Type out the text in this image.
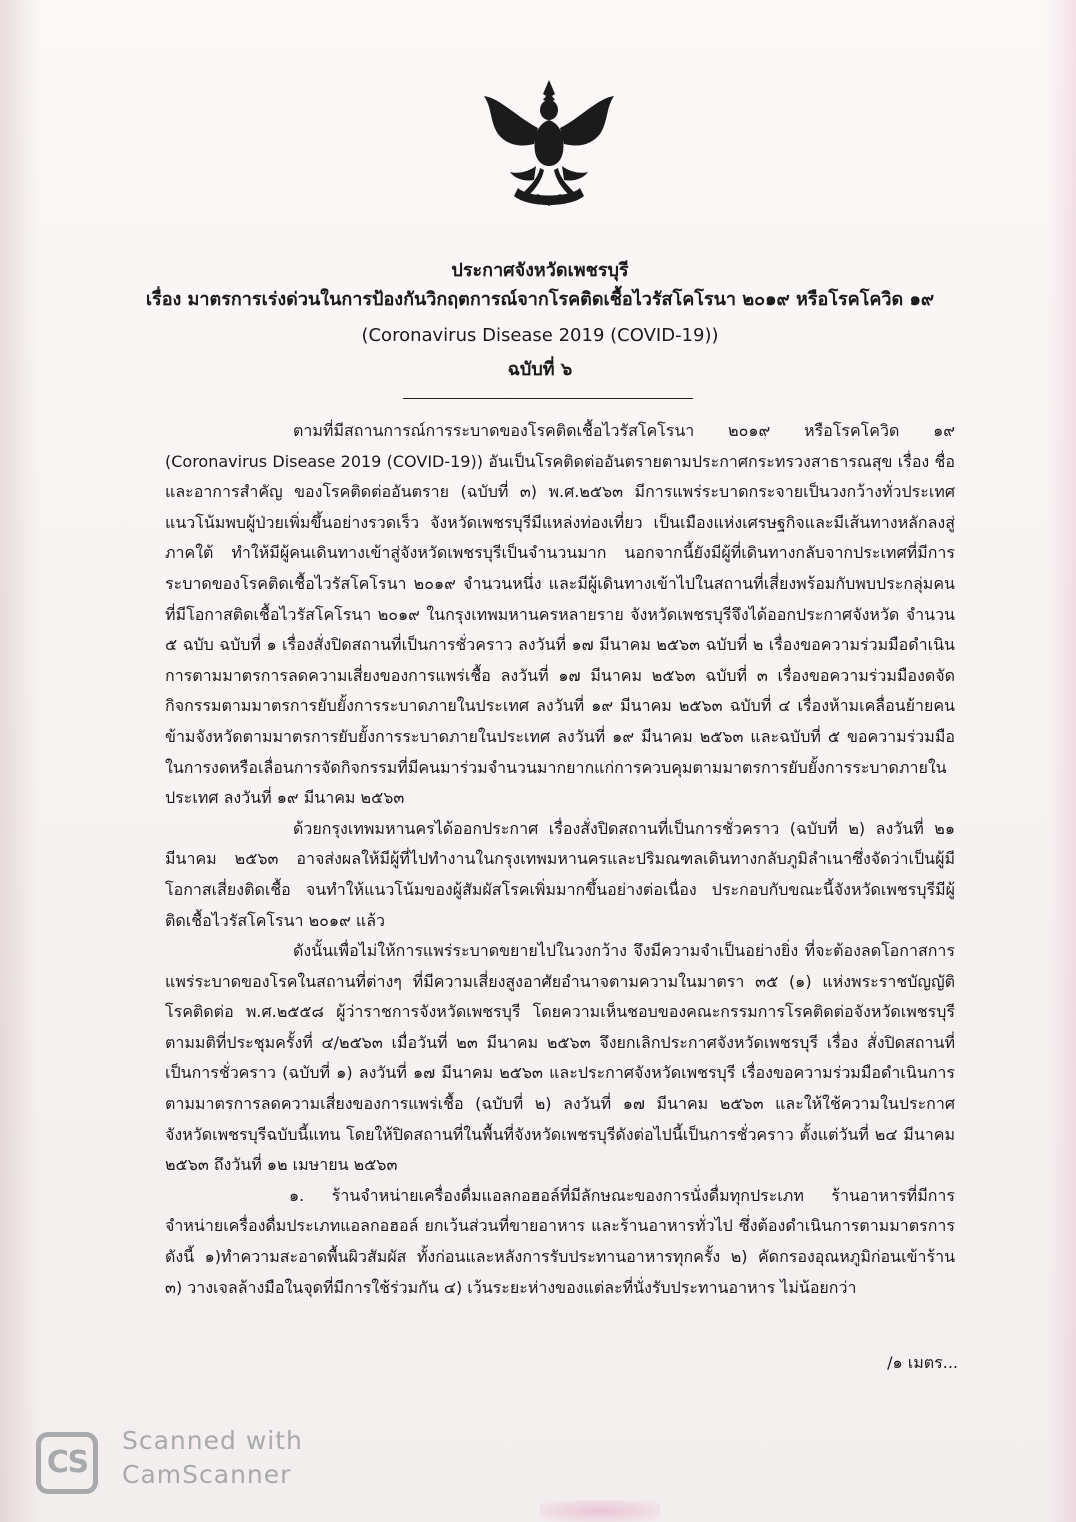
ประกาศจังหวัดเพชรบุรี
เรื่อง มาตรการเร่งด่วนในการป้องกันวิกฤตการณ์จากโรคติดเชื้อไวรัสโคโรนา ๒๐๑๙ หรือโรคโควิด ๑๙
(Coronavirus Disease 2019 (COVID-19))
ฉบับที่ ๖

ตามที่มีสถานการณ์การระบาดของโรคติดเชื้อไวรัสโคโรนา ๒๐๑๙ หรือโรคโควิด ๑๙ (Coronavirus Disease 2019 (COVID-19)) อันเป็นโรคติดต่ออันตรายตามประกาศกระทรวงสาธารณสุข เรื่อง ชื่อและอาการสำคัญ ของโรคติดต่ออันตราย (ฉบับที่ ๓) พ.ศ.๒๕๖๓ มีการแพร่ระบาดกระจายเป็นวงกว้างทั่วประเทศ แนวโน้มพบผู้ป่วยเพิ่มขึ้นอย่างรวดเร็ว จังหวัดเพชรบุรีมีแหล่งท่องเที่ยว เป็นเมืองแห่งเศรษฐกิจและมีเส้นทางหลักลงสู่ภาคใต้ ทำให้มีผู้คนเดินทางเข้าสู่จังหวัดเพชรบุรีเป็นจำนวนมาก นอกจากนี้ยังมีผู้ที่เดินทางกลับจากประเทศที่มีการระบาดของโรคติดเชื้อไวรัสโคโรนา ๒๐๑๙ จำนวนหนึ่ง และมีผู้เดินทางเข้าไปในสถานที่เสี่ยงพร้อมกับพบประกลุ่มคนที่มีโอกาสติดเชื้อไวรัสโคโรนา ๒๐๑๙ ในกรุงเทพมหานครหลายราย จังหวัดเพชรบุรีจึงได้ออกประกาศจังหวัด จำนวน ๕ ฉบับ ฉบับที่ ๑ เรื่องสั่งปิดสถานที่เป็นการชั่วคราว ลงวันที่ ๑๗ มีนาคม ๒๕๖๓ ฉบับที่ ๒ เรื่องขอความร่วมมือดำเนินการตามมาตรการลดความเสี่ยงของการแพร่เชื้อ ลงวันที่ ๑๗ มีนาคม ๒๕๖๓ ฉบับที่ ๓ เรื่องขอความร่วมมืองดจัดกิจกรรมตามมาตรการยับยั้งการระบาดภายในประเทศ ลงวันที่ ๑๙ มีนาคม ๒๕๖๓ ฉบับที่ ๔ เรื่องห้ามเคลื่อนย้ายคนข้ามจังหวัดตามมาตรการยับยั้งการระบาดภายในประเทศ ลงวันที่ ๑๙ มีนาคม ๒๕๖๓ และฉบับที่ ๕ ขอความร่วมมือในการงดหรือเลื่อนการจัดกิจกรรมที่มีคนมาร่วมจำนวนมากยากแก่การควบคุมตามมาตรการยับยั้งการระบาดภายในประเทศ ลงวันที่ ๑๙ มีนาคม ๒๕๖๓

ด้วยกรุงเทพมหานครได้ออกประกาศ เรื่องสั่งปิดสถานที่เป็นการชั่วคราว (ฉบับที่ ๒) ลงวันที่ ๒๑ มีนาคม ๒๕๖๓ อาจส่งผลให้มีผู้ที่ไปทำงานในกรุงเทพมหานครและปริมณฑลเดินทางกลับภูมิลำเนาซึ่งจัดว่าเป็นผู้มีโอกาสเสี่ยงติดเชื้อ จนทำให้แนวโน้มของผู้สัมผัสโรคเพิ่มมากขึ้นอย่างต่อเนื่อง ประกอบกับขณะนี้จังหวัดเพชรบุรีมีผู้ติดเชื้อไวรัสโคโรนา ๒๐๑๙ แล้ว

ดังนั้นเพื่อไม่ให้การแพร่ระบาดขยายไปในวงกว้าง จึงมีความจำเป็นอย่างยิ่ง ที่จะต้องลดโอกาสการแพร่ระบาดของโรคในสถานที่ต่างๆ ที่มีความเสี่ยงสูงอาศัยอำนาจตามความในมาตรา ๓๕ (๑) แห่งพระราชบัญญัติโรคติดต่อ พ.ศ.๒๕๕๘ ผู้ว่าราชการจังหวัดเพชรบุรี โดยความเห็นชอบของคณะกรรมการโรคติดต่อจังหวัดเพชรบุรี ตามมติที่ประชุมครั้งที่ ๔/๒๕๖๓ เมื่อวันที่ ๒๓ มีนาคม ๒๕๖๓ จึงยกเลิกประกาศจังหวัดเพชรบุรี เรื่อง สั่งปิดสถานที่เป็นการชั่วคราว (ฉบับที่ ๑) ลงวันที่ ๑๗ มีนาคม ๒๕๖๓ และประกาศจังหวัดเพชรบุรี เรื่องขอความร่วมมือดำเนินการตามมาตรการลดความเสี่ยงของการแพร่เชื้อ (ฉบับที่ ๒) ลงวันที่ ๑๗ มีนาคม ๒๕๖๓ และให้ใช้ความในประกาศจังหวัดเพชรบุรีฉบับนี้แทน โดยให้ปิดสถานที่ในพื้นที่จังหวัดเพชรบุรีดังต่อไปนี้เป็นการชั่วคราว ตั้งแต่วันที่ ๒๔ มีนาคม ๒๕๖๓ ถึงวันที่ ๑๒ เมษายน ๒๕๖๓

๑. ร้านจำหน่ายเครื่องดื่มแอลกอฮอล์ที่มีลักษณะของการนั่งดื่มทุกประเภท ร้านอาหารที่มีการจำหน่ายเครื่องดื่มประเภทแอลกอฮอล์ ยกเว้นส่วนที่ขายอาหาร และร้านอาหารทั่วไป ซึ่งต้องดำเนินการตามมาตรการดังนี้ ๑)ทำความสะอาดพื้นผิวสัมผัส ทั้งก่อนและหลังการรับประทานอาหารทุกครั้ง ๒) คัดกรองอุณหภูมิก่อนเข้าร้าน ๓) วางเจลล้างมือในจุดที่มีการใช้ร่วมกัน ๔) เว้นระยะห่างของแต่ละที่นั่งรับประทานอาหาร ไม่น้อยกว่า

/๑ เมตร...
CS
Scanned with
CamScanner
